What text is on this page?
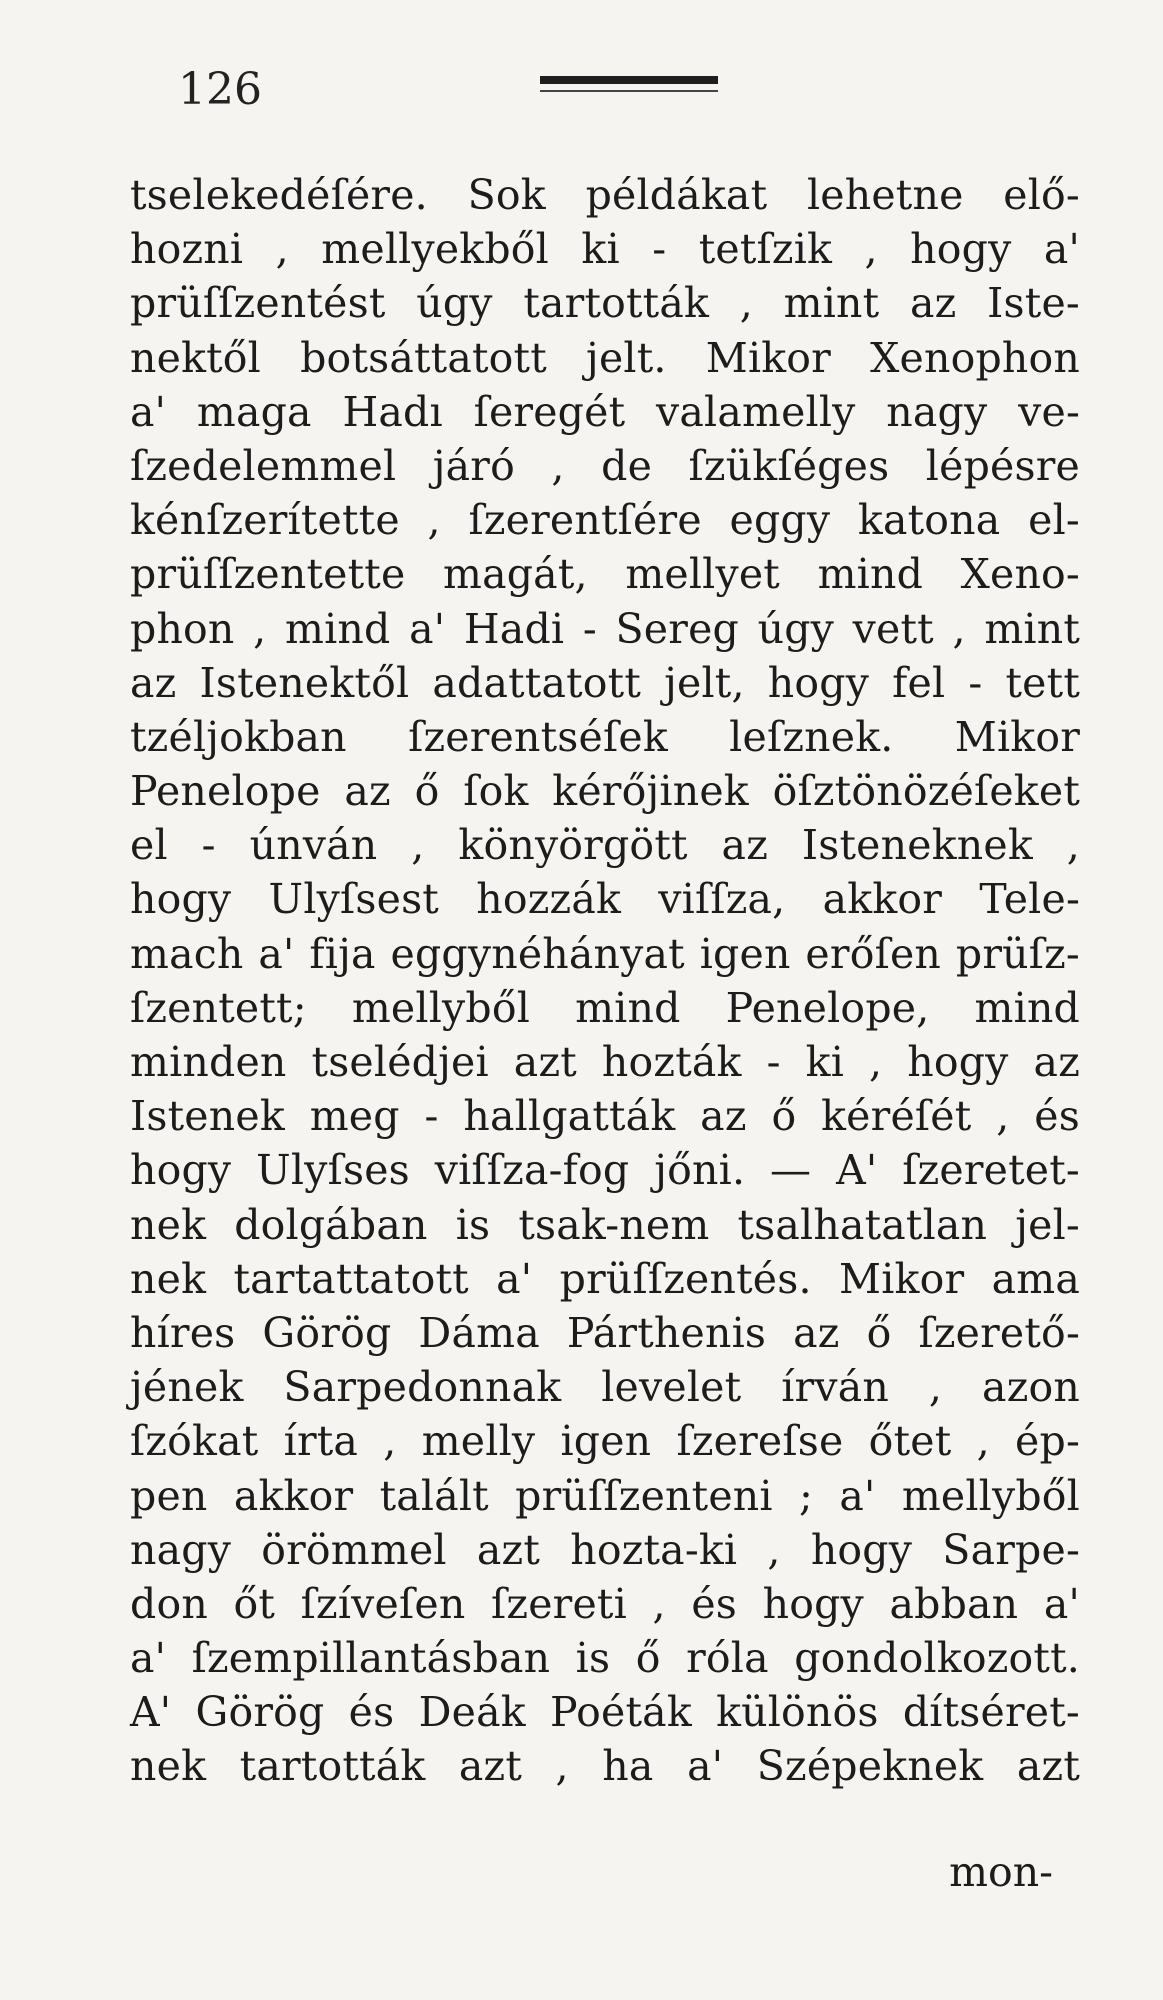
126
tselekedéſére. Sok példákat lehetne elő-
hozni , mellyekből ki - tetſzik , hogy a'
prüſſzentést úgy tartották , mint az Iste-
nektől botsáttatott jelt. Mikor Xenophon
a' maga Hadı ſeregét valamelly nagy ve-
ſzedelemmel járó , de ſzükſéges lépésre
kénſzerítette , ſzerentſére eggy katona el-
prüſſzentette magát, mellyet mind Xeno-
phon , mind a' Hadi - Sereg úgy vett , mint
az Istenektől adattatott jelt, hogy fel - tett
tzéljokban ſzerentséſek leſznek. Mikor
Penelope az ő ſok kérőjinek öſztönözéſeket
el - únván , könyörgött az Isteneknek ,
hogy Ulyſsest hozzák viſſza, akkor Tele-
mach a' fija eggynéhányat igen erőſen prüſz-
ſzentett; mellyből mind Penelope, mind
minden tselédjei azt hozták - ki , hogy az
Istenek meg - hallgatták az ő kéréſét , és
hogy Ulyſses viſſza-fog jőni. — A' ſzeretet-
nek dolgában is tsak-nem tsalhatatlan jel-
nek tartattatott a' prüſſzentés. Mikor ama
híres Görög Dáma Párthenis az ő ſzerető-
jének Sarpedonnak levelet írván , azon
ſzókat írta , melly igen ſzereſse őtet , ép-
pen akkor talált prüſſzenteni ; a' mellyből
nagy örömmel azt hozta-ki , hogy Sarpe-
don őt ſzíveſen ſzereti , és hogy abban a'
a' ſzempillantásban is ő róla gondolkozott.
A' Görög és Deák Poéták különös dítséret-
nek tartották azt , ha a' Szépeknek azt
mon-
